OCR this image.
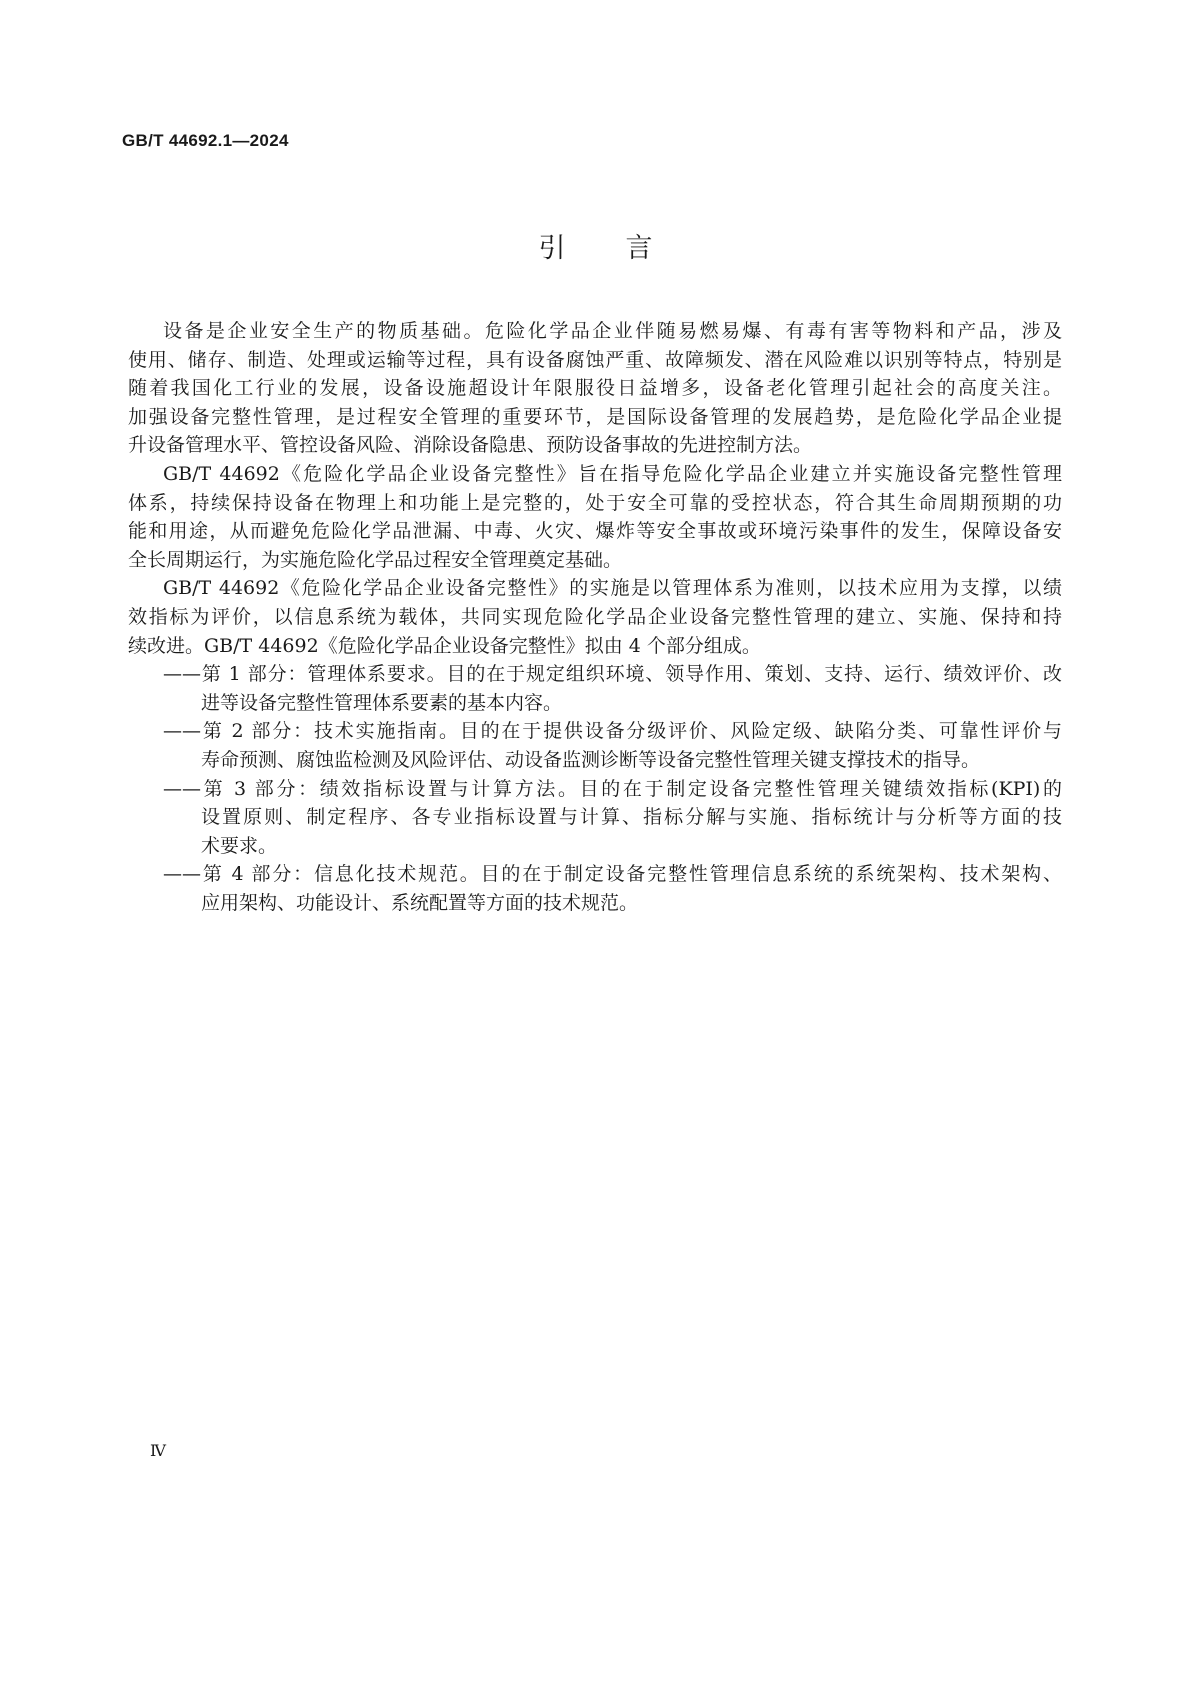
GB/T 44692.1—2024
引言
设备是企业安全生产的物质基础。危险化学品企业伴随易燃易爆、有毒有害等物料和产品，涉及
使用、储存、制造、处理或运输等过程，具有设备腐蚀严重、故障频发、潜在风险难以识别等特点，特别是
随着我国化工行业的发展，设备设施超设计年限服役日益增多，设备老化管理引起社会的高度关注。
加强设备完整性管理，是过程安全管理的重要环节，是国际设备管理的发展趋势，是危险化学品企业提
升设备管理水平、管控设备风险、消除设备隐患、预防设备事故的先进控制方法。
GB/T 44692《危险化学品企业设备完整性》旨在指导危险化学品企业建立并实施设备完整性管理
体系，持续保持设备在物理上和功能上是完整的，处于安全可靠的受控状态，符合其生命周期预期的功
能和用途，从而避免危险化学品泄漏、中毒、火灾、爆炸等安全事故或环境污染事件的发生，保障设备安
全长周期运行，为实施危险化学品过程安全管理奠定基础。
GB/T 44692《危险化学品企业设备完整性》的实施是以管理体系为准则，以技术应用为支撑，以绩
效指标为评价，以信息系统为载体，共同实现危险化学品企业设备完整性管理的建立、实施、保持和持
续改进。GB/T 44692《危险化学品企业设备完整性》拟由 4 个部分组成。
——第 1 部分：管理体系要求。目的在于规定组织环境、领导作用、策划、支持、运行、绩效评价、改
进等设备完整性管理体系要素的基本内容。
——第 2 部分：技术实施指南。目的在于提供设备分级评价、风险定级、缺陷分类、可靠性评价与
寿命预测、腐蚀监检测及风险评估、动设备监测诊断等设备完整性管理关键支撑技术的指导。
——第 3 部分：绩效指标设置与计算方法。目的在于制定设备完整性管理关键绩效指标(KPI)的
设置原则、制定程序、各专业指标设置与计算、指标分解与实施、指标统计与分析等方面的技
术要求。
——第 4 部分：信息化技术规范。目的在于制定设备完整性管理信息系统的系统架构、技术架构、
应用架构、功能设计、系统配置等方面的技术规范。
Ⅳ
